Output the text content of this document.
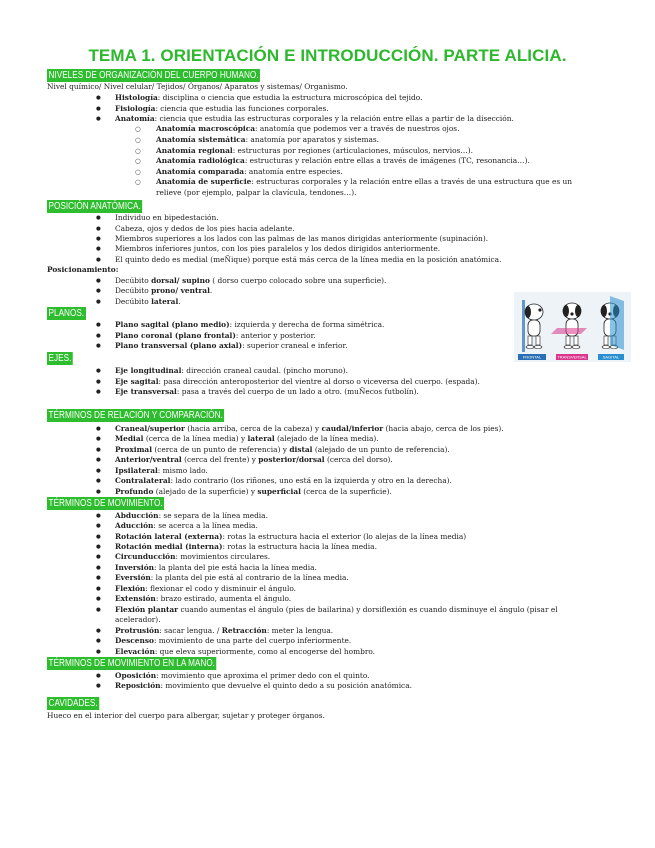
TEMA 1. ORIENTACIÓN E INTRODUCCIÓN. PARTE ALICIA.
NIVELES DE ORGANIZACIÓN DEL CUERPO HUMANO.
Nivel químico/ Nivel celular/ Tejidos/ Órganos/ Aparatos y sistemas/ Organismo.
● Histología: disciplina o ciencia que estudia la estructura microscópica del tejido.
● Fisiología: ciencia que estudia las funciones corporales.
● Anatomía: ciencia que estudia las estructuras corporales y la relación entre ellas a partir de la disección.
○ Anatomía macroscópica: anatomía que podemos ver a través de nuestros ojos.
○ Anatomía sistemática: anatomía por aparatos y sistemas.
○ Anatomía regional: estructuras por regiones (articulaciones, músculos, nervios…).
○ Anatomía radiológica: estructuras y relación entre ellas a través de imágenes (TC, resonancia…).
○ Anatomía comparada: anatomía entre especies.
○ Anatomía de superficie: estructuras corporales y la relación entre ellas a través de una estructura que es un
relieve (por ejemplo, palpar la clavícula, tendones…).
POSICIÓN ANATÓMICA.
● Individuo en bipedestación.
● Cabeza, ojos y dedos de los pies hacia adelante.
● Miembros superiores a los lados con las palmas de las manos dirigidas anteriormente (supinación).
● Miembros inferiores juntos, con los pies paralelos y los dedos dirigidos anteriormente.
● El quinto dedo es medial (meÑique) porque está más cerca de la línea media en la posición anatómica.
Posicionamiento:
● Decúbito dorsal/ supino ( dorso cuerpo colocado sobre una superficie).
● Decúbito prono/ ventral.
● Decúbito lateral.
PLANOS.
● Plano sagital (plano medio): izquierda y derecha de forma simétrica.
● Plano coronal (plano frontal): anterior y posterior.
● Plano transversal (plano axial): superior craneal e inferior.
FRONTAL	TRANSVERSAL	SAGITAL
EJES.
● Eje longitudinal: dirección craneal caudal. (pincho moruno).
● Eje sagital: pasa dirección anteroposterior del vientre al dorso o viceversa del cuerpo. (espada).
● Eje transversal: pasa a través del cuerpo de un lado a otro. (muÑecos futbolín).
TÉRMINOS DE RELACIÓN Y COMPARACIÓN.
● Craneal/superior (hacia arriba, cerca de la cabeza) y caudal/inferior (hacia abajo, cerca de los pies).
● Medial (cerca de la línea media) y lateral (alejado de la línea media).
● Proximal (cerca de un punto de referencia) y distal (alejado de un punto de referencia).
● Anterior/ventral (cerca del frente) y posterior/dorsal (cerca del dorso).
● Ipsilateral: mismo lado.
● Contralateral: lado contrario (los riñones, uno está en la izquierda y otro en la derecha).
● Profundo (alejado de la superficie) y superficial (cerca de la superficie).
TÉRMINOS DE MOVIMIENTO.
● Abducción: se separa de la línea media.
● Aducción: se acerca a la línea media.
● Rotación lateral (externa): rotas la estructura hacia el exterior (lo alejas de la línea media)
● Rotación medial (interna): rotas la estructura hacia la línea media.
● Circunducción: movimientos circulares.
● Inversión: la planta del pie está hacia la línea media.
● Eversión: la planta del pie está al contrario de la línea media.
● Flexión: flexionar el codo y disminuir el ángulo.
● Extensión: brazo estirado, aumenta el ángulo.
● Flexión plantar cuando aumentas el ángulo (pies de bailarina) y dorsiflexión es cuando disminuye el ángulo (pisar el
acelerador).
● Protrusión: sacar lengua. / Retracción: meter la lengua.
● Descenso: movimiento de una parte del cuerpo inferiormente.
● Elevación: que eleva superiormente, como al encogerse del hombro.
TÉRMINOS DE MOVIMIENTO EN LA MANO.
● Oposición: movimiento que aproxima el primer dedo con el quinto.
● Reposición: movimiento que devuelve el quinto dedo a su posición anatómica.
CAVIDADES.
Hueco en el interior del cuerpo para albergar, sujetar y proteger órganos.
